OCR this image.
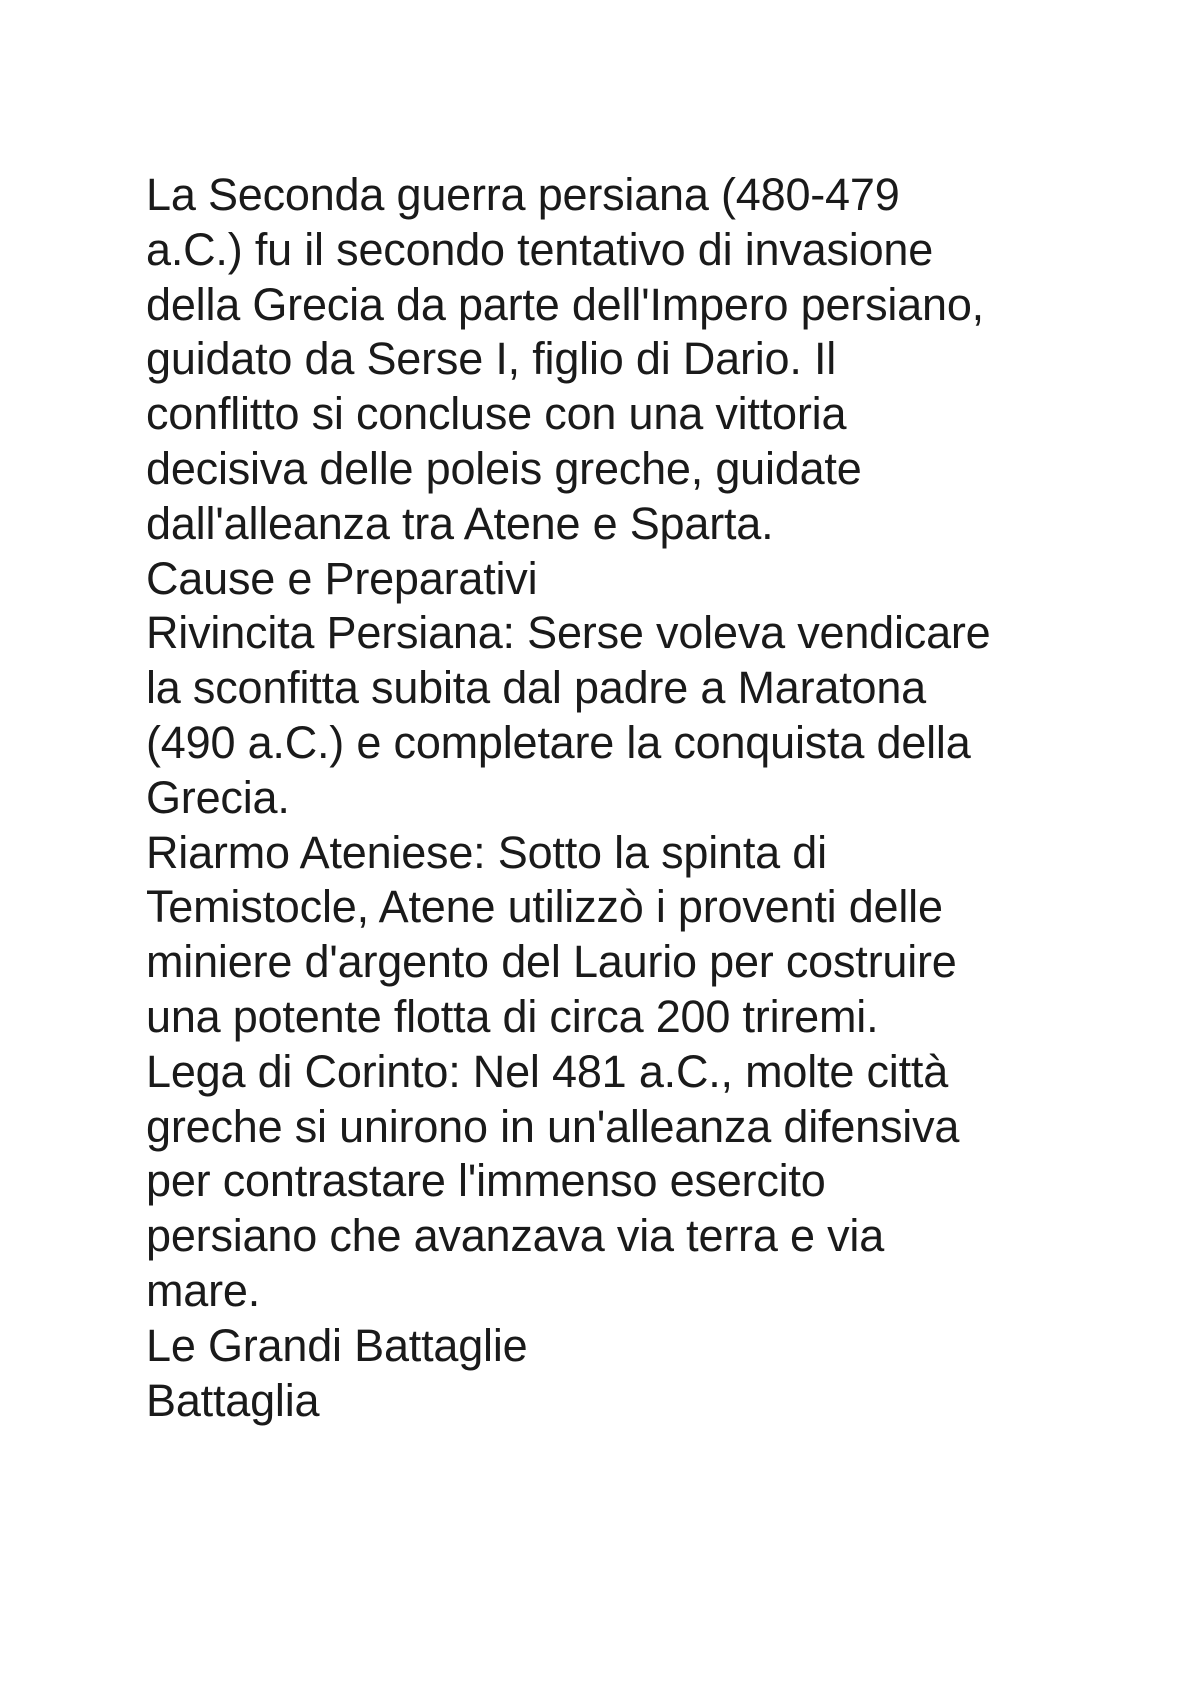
La Seconda guerra persiana (480-479
a.C.) fu il secondo tentativo di invasione
della Grecia da parte dell'Impero persiano,
guidato da Serse I, figlio di Dario. Il
conflitto si concluse con una vittoria
decisiva delle poleis greche, guidate
dall'alleanza tra Atene e Sparta.
Cause e Preparativi
Rivincita Persiana: Serse voleva vendicare
la sconfitta subita dal padre a Maratona
(490 a.C.) e completare la conquista della
Grecia.
Riarmo Ateniese: Sotto la spinta di
Temistocle, Atene utilizzò i proventi delle
miniere d'argento del Laurio per costruire
una potente flotta di circa 200 triremi.
Lega di Corinto: Nel 481 a.C., molte città
greche si unirono in un'alleanza difensiva
per contrastare l'immenso esercito
persiano che avanzava via terra e via
mare.
Le Grandi Battaglie
Battaglia
